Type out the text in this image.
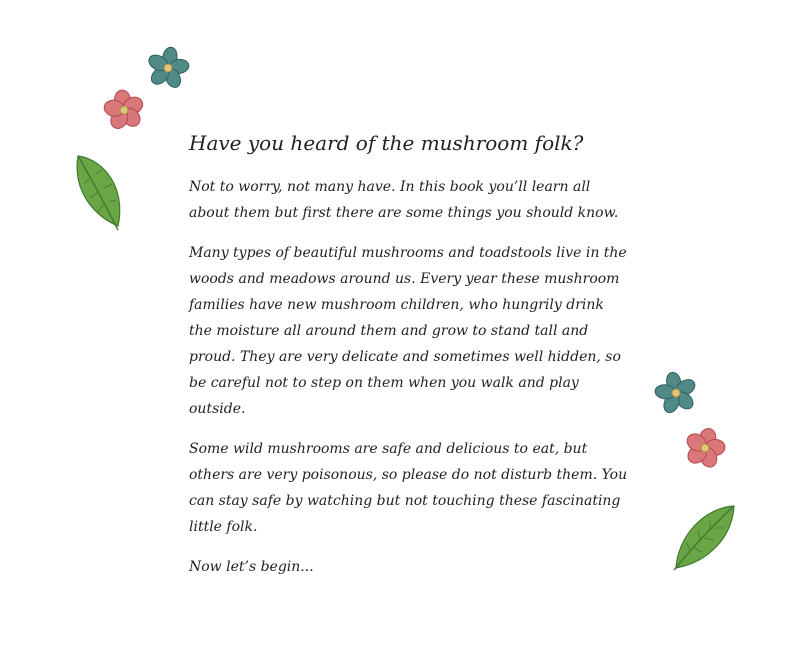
Have you heard of the mushroom folk?

Not to worry, not many have. In this book you’ll learn all about them but first there are some things you should know.

Many types of beautiful mushrooms and toadstools live in the woods and meadows around us. Every year these mushroom families have new mushroom children, who hungrily drink the moisture all around them and grow to stand tall and proud. They are very delicate and sometimes well hidden, so be careful not to step on them when you walk and play outside.

Some wild mushrooms are safe and delicious to eat, but others are very poisonous, so please do not disturb them. You can stay safe by watching but not touching these fascinating little folk.

Now let’s begin...
